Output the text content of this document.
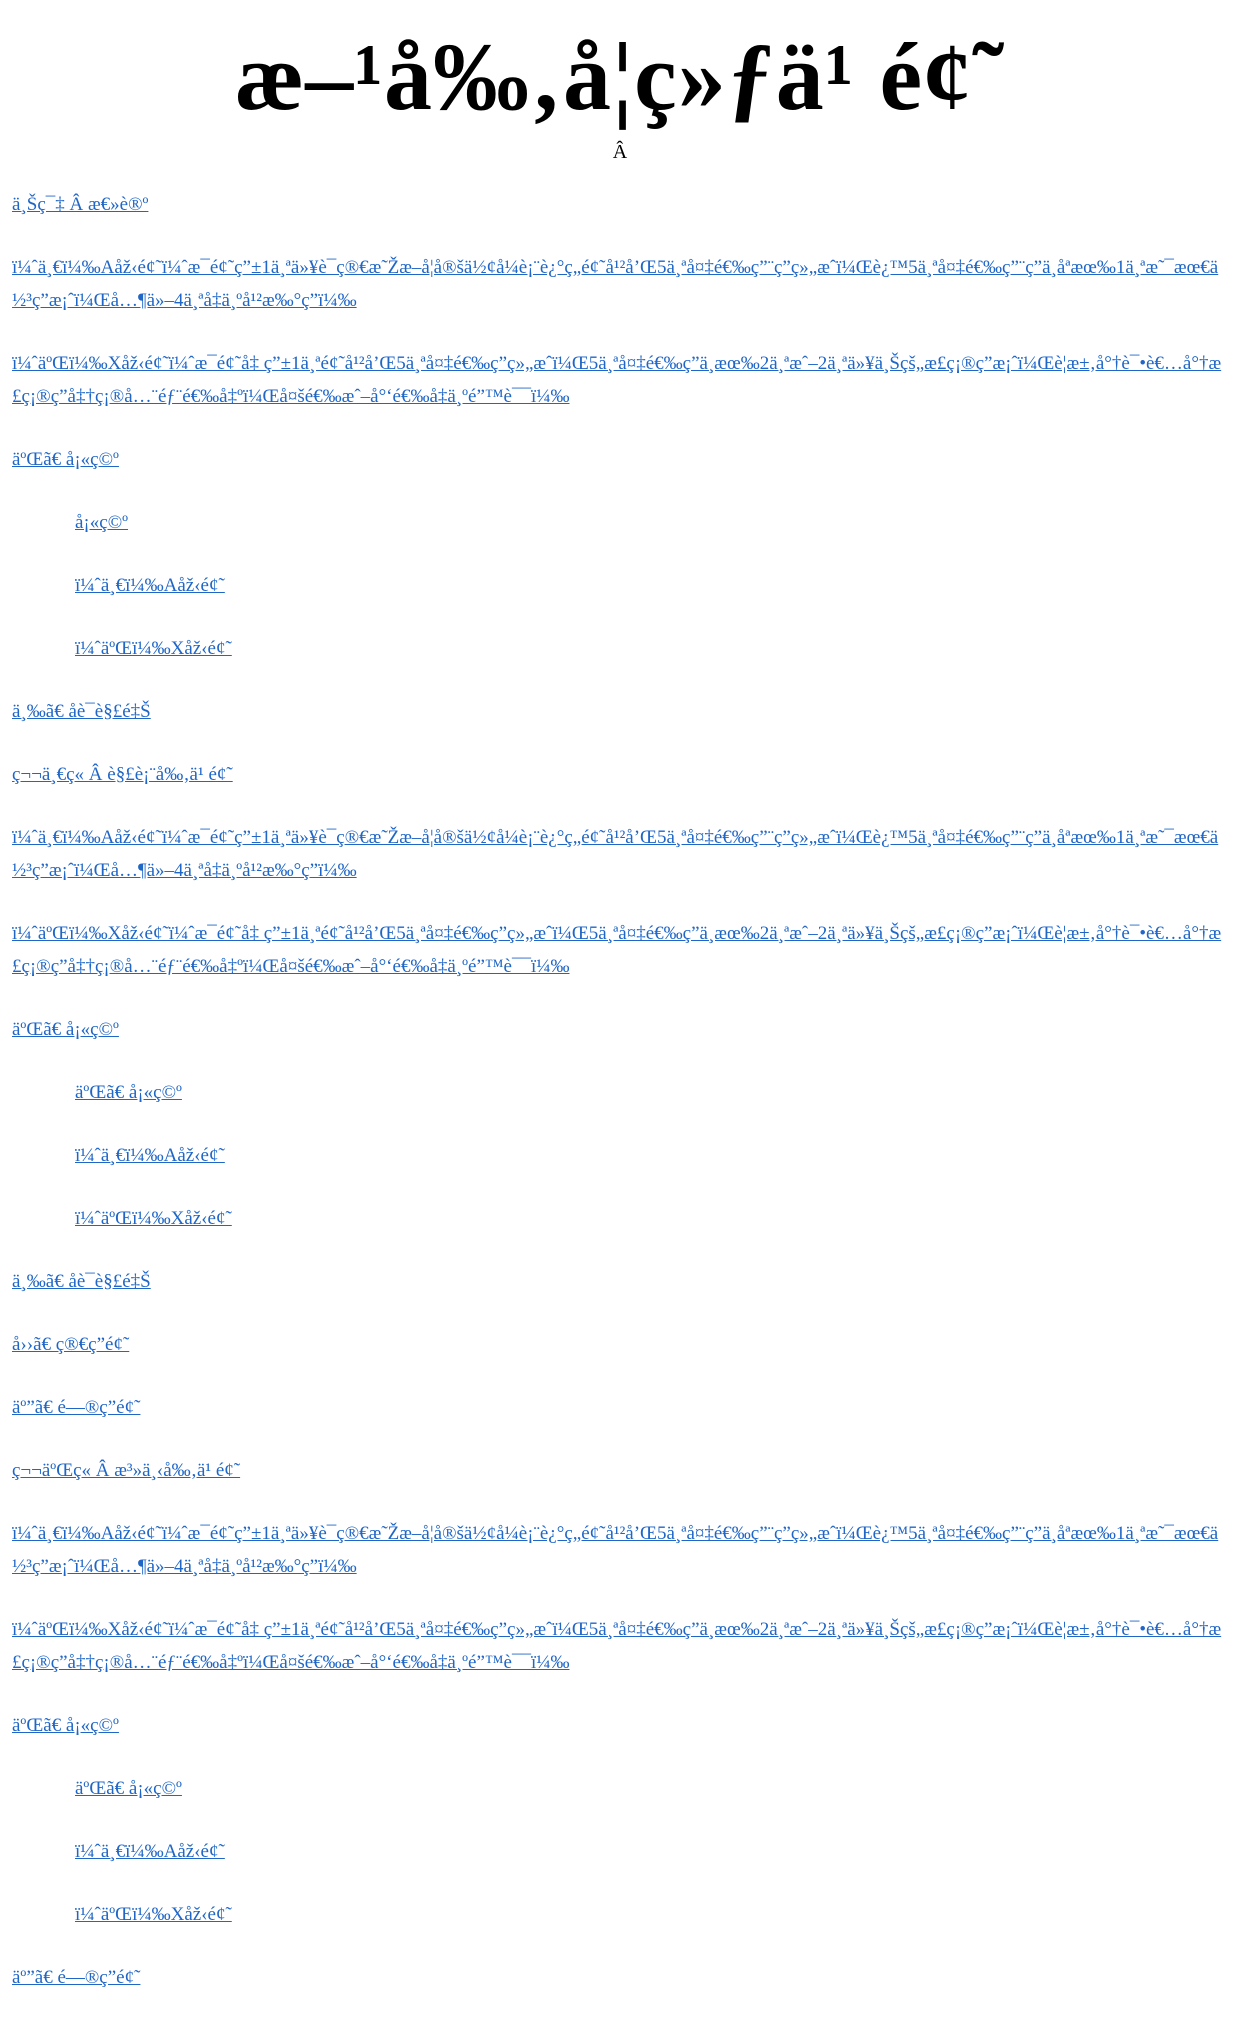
æ–¹å‰‚å¦ç»ƒä¹ é¢˜
Â
ä¸Šç¯‡ Â æ€»è®º
ï¼ˆä¸€ï¼‰Aåž‹é¢˜ï¼ˆæ¯é¢˜ç”±1ä¸ªä»¥è¯ç®€æ˜Žæ–å¦å®šä½¢å¼è¡¨è¿°ç„é¢˜å¹²å’Œ5ä¸ªå¤‡é€‰ç”¨ç”ç»„æˆï¼Œè¿™5ä¸ªå¤‡é€‰ç”¨ç”ä¸åªæœ‰1ä¸ªæ˜¯æœ€ä½³ç”æ¡ˆï¼Œå…¶ä»–4ä¸ªå‡ä¸ºå¹²æ‰°ç”ï¼‰
ï¼ˆäºŒï¼‰Xåž‹é¢˜ï¼ˆæ¯é¢˜å‡ ç”±1ä¸ªé¢˜å¹²å’Œ5ä¸ªå¤‡é€‰ç”ç»„æˆï¼Œ5ä¸ªå¤‡é€‰ç”ä¸æœ‰2ä¸ªæˆ–2ä¸ªä»¥ä¸Šçš„æ£ç¡®ç”æ¡ˆï¼Œè¦æ±‚å°†è¯•è€…å°†æ£ç¡®ç”å‡†ç¡®å…¨éƒ¨é€‰å‡ºï¼Œå¤šé€‰æˆ–å°‘é€‰å‡ä¸ºé”™è¯¯ï¼‰
äºŒã€ å¡«ç©º
å¡«ç©º
ï¼ˆä¸€ï¼‰Aåž‹é¢˜
ï¼ˆäºŒï¼‰Xåž‹é¢˜
ä¸‰ã€ åè¯è§£é‡Š
ç¬¬ä¸€ç« Â è§£è¡¨å‰‚ä¹ é¢˜
ï¼ˆä¸€ï¼‰Aåž‹é¢˜ï¼ˆæ¯é¢˜ç”±1ä¸ªä»¥è¯ç®€æ˜Žæ–å¦å®šä½¢å¼è¡¨è¿°ç„é¢˜å¹²å’Œ5ä¸ªå¤‡é€‰ç”¨ç”ç»„æˆï¼Œè¿™5ä¸ªå¤‡é€‰ç”¨ç”ä¸åªæœ‰1ä¸ªæ˜¯æœ€ä½³ç”æ¡ˆï¼Œå…¶ä»–4ä¸ªå‡ä¸ºå¹²æ‰°ç”ï¼‰
ï¼ˆäºŒï¼‰Xåž‹é¢˜ï¼ˆæ¯é¢˜å‡ ç”±1ä¸ªé¢˜å¹²å’Œ5ä¸ªå¤‡é€‰ç”ç»„æˆï¼Œ5ä¸ªå¤‡é€‰ç”ä¸æœ‰2ä¸ªæˆ–2ä¸ªä»¥ä¸Šçš„æ£ç¡®ç”æ¡ˆï¼Œè¦æ±‚å°†è¯•è€…å°†æ£ç¡®ç”å‡†ç¡®å…¨éƒ¨é€‰å‡ºï¼Œå¤šé€‰æˆ–å°‘é€‰å‡ä¸ºé”™è¯¯ï¼‰
äºŒã€ å¡«ç©º
äºŒã€ å¡«ç©º
ï¼ˆä¸€ï¼‰Aåž‹é¢˜
ï¼ˆäºŒï¼‰Xåž‹é¢˜
ä¸‰ã€ åè¯è§£é‡Š
å››ã€ ç®€ç”é¢˜
äº”ã€ é—®ç”é¢˜
ç¬¬äºŒç« Â æ³»ä¸‹å‰‚ä¹ é¢˜
ï¼ˆä¸€ï¼‰Aåž‹é¢˜ï¼ˆæ¯é¢˜ç”±1ä¸ªä»¥è¯ç®€æ˜Žæ–å¦å®šä½¢å¼è¡¨è¿°ç„é¢˜å¹²å’Œ5ä¸ªå¤‡é€‰ç”¨ç”ç»„æˆï¼Œè¿™5ä¸ªå¤‡é€‰ç”¨ç”ä¸åªæœ‰1ä¸ªæ˜¯æœ€ä½³ç”æ¡ˆï¼Œå…¶ä»–4ä¸ªå‡ä¸ºå¹²æ‰°ç”ï¼‰
ï¼ˆäºŒï¼‰Xåž‹é¢˜ï¼ˆæ¯é¢˜å‡ ç”±1ä¸ªé¢˜å¹²å’Œ5ä¸ªå¤‡é€‰ç”ç»„æˆï¼Œ5ä¸ªå¤‡é€‰ç”ä¸æœ‰2ä¸ªæˆ–2ä¸ªä»¥ä¸Šçš„æ£ç¡®ç”æ¡ˆï¼Œè¦æ±‚å°†è¯•è€…å°†æ£ç¡®ç”å‡†ç¡®å…¨éƒ¨é€‰å‡ºï¼Œå¤šé€‰æˆ–å°‘é€‰å‡ä¸ºé”™è¯¯ï¼‰
äºŒã€ å¡«ç©º
äºŒã€ å¡«ç©º
ï¼ˆä¸€ï¼‰Aåž‹é¢˜
ï¼ˆäºŒï¼‰Xåž‹é¢˜
äº”ã€ é—®ç”é¢˜
